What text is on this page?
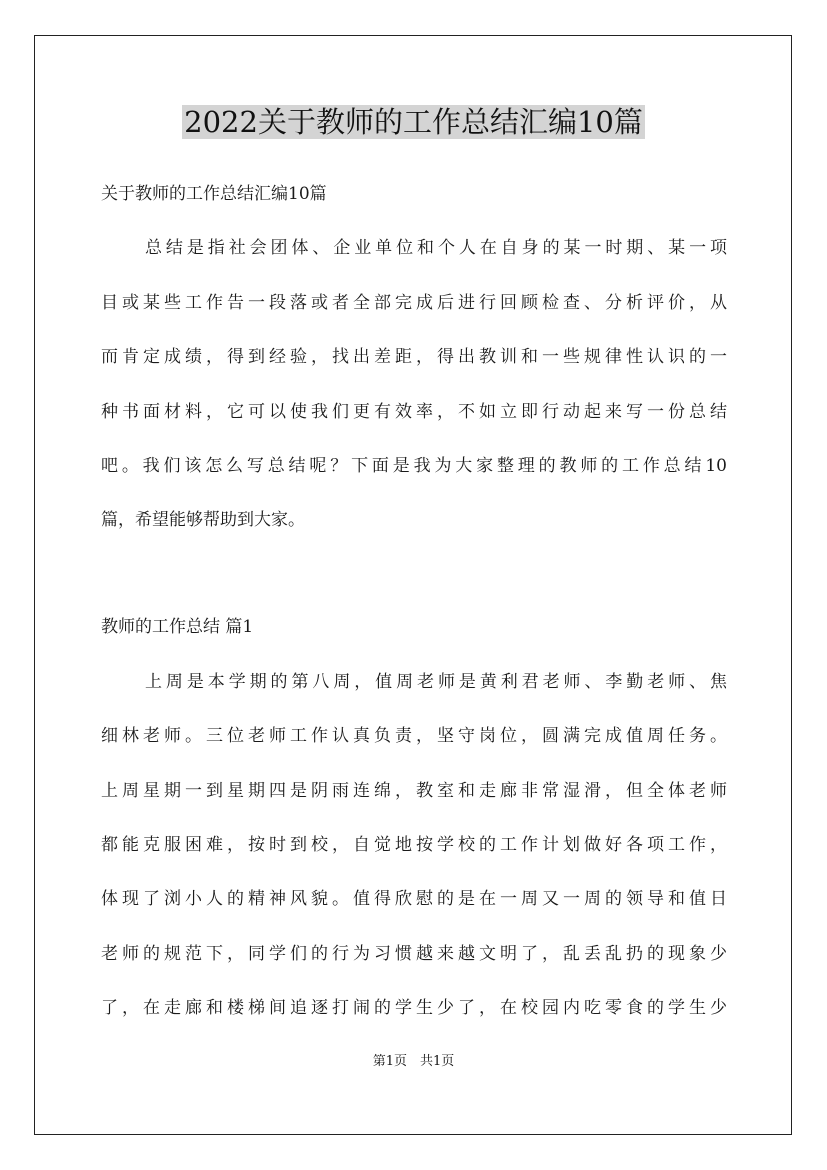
2022关于教师的工作总结汇编10篇
关于教师的工作总结汇编10篇
总结是指社会团体、企业单位和个人在自身的某一时期、某一项
目或某些工作告一段落或者全部完成后进行回顾检查、分析评价，从
而肯定成绩，得到经验，找出差距，得出教训和一些规律性认识的一
种书面材料，它可以使我们更有效率，不如立即行动起来写一份总结
吧。我们该怎么写总结呢？下面是我为大家整理的教师的工作总结10
篇，希望能够帮助到大家。
教师的工作总结 篇1
上周是本学期的第八周，值周老师是黄利君老师、李勤老师、焦
细林老师。三位老师工作认真负责，坚守岗位，圆满完成值周任务。
上周星期一到星期四是阴雨连绵，教室和走廊非常湿滑，但全体老师
都能克服困难，按时到校，自觉地按学校的工作计划做好各项工作，
体现了浏小人的精神风貌。值得欣慰的是在一周又一周的领导和值日
老师的规范下，同学们的行为习惯越来越文明了，乱丢乱扔的现象少
了，在走廊和楼梯间追逐打闹的学生少了，在校园内吃零食的学生少
第1页　共1页
